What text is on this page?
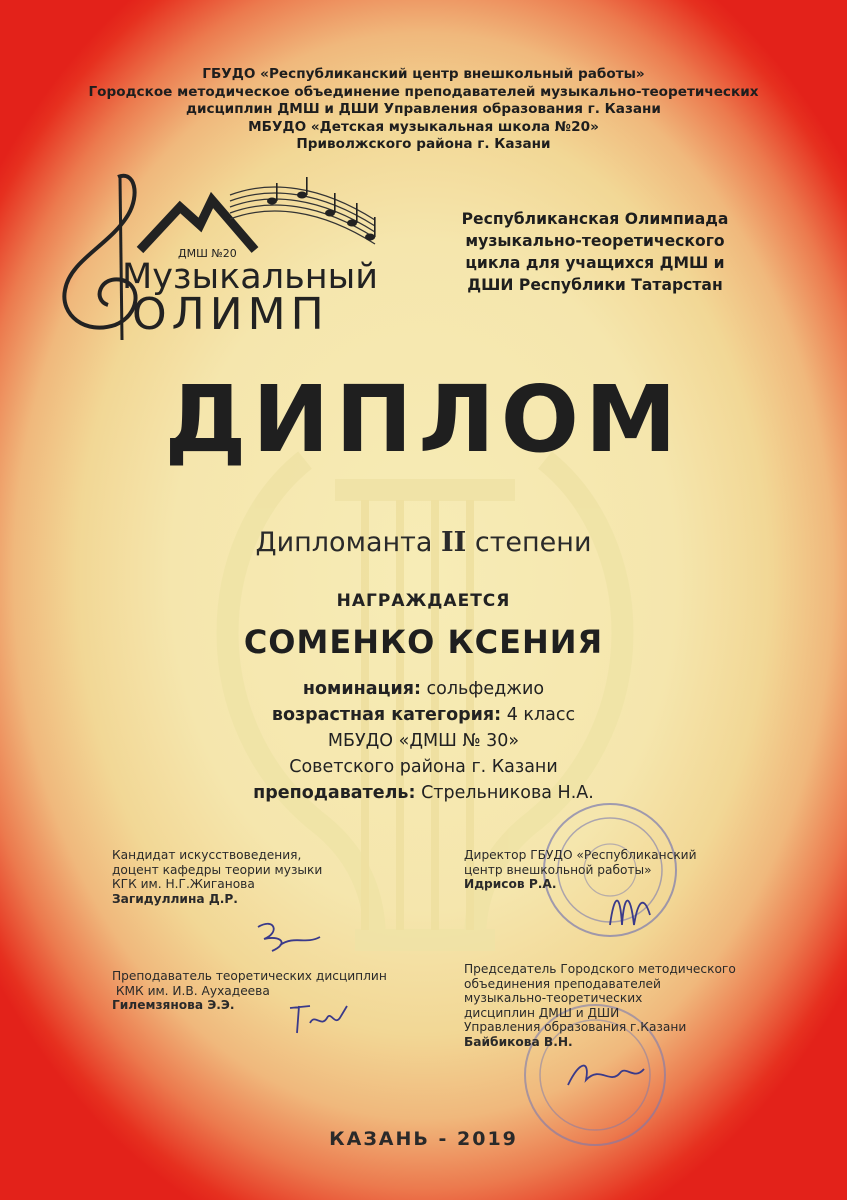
ГБУДО «Республиканский центр внешкольный работы»
Городское методическое объединение преподавателей музыкально-теоретических
дисциплин ДМШ и ДШИ Управления образования г. Казани
МБУДО «Детская музыкальная школа №20»
Приволжского района г. Казани
ДМШ №20
Музыкальный
ОЛИМП
Республиканская Олимпиада
музыкально-теоретического
цикла для учащихся ДМШ и
ДШИ Республики Татарстан
ДИПЛОМ
Дипломанта II степени
НАГРАЖДАЕТСЯ
СОМЕНКО КСЕНИЯ
номинация: сольфеджио
возрастная категория: 4 класс
МБУДО «ДМШ № 30»
Советского района г. Казани
преподаватель: Стрельникова Н.А.
Кандидат искусствоведения,
доцент кафедры теории музыки
КГК им. Н.Г.Жиганова
Загидуллина Д.Р.
Директор ГБУДО «Республиканский
центр внешкольной работы»
Идрисов Р.А.
Преподаватель теоретических дисциплин
КМК им. И.В. Аухадеева
Гилемзянова Э.Э.
Председатель Городского методического
объединения преподавателей
музыкально-теоретических
дисциплин ДМШ и ДШИ
Управления образования г.Казани
Байбикова В.Н.
КАЗАНЬ - 2019
